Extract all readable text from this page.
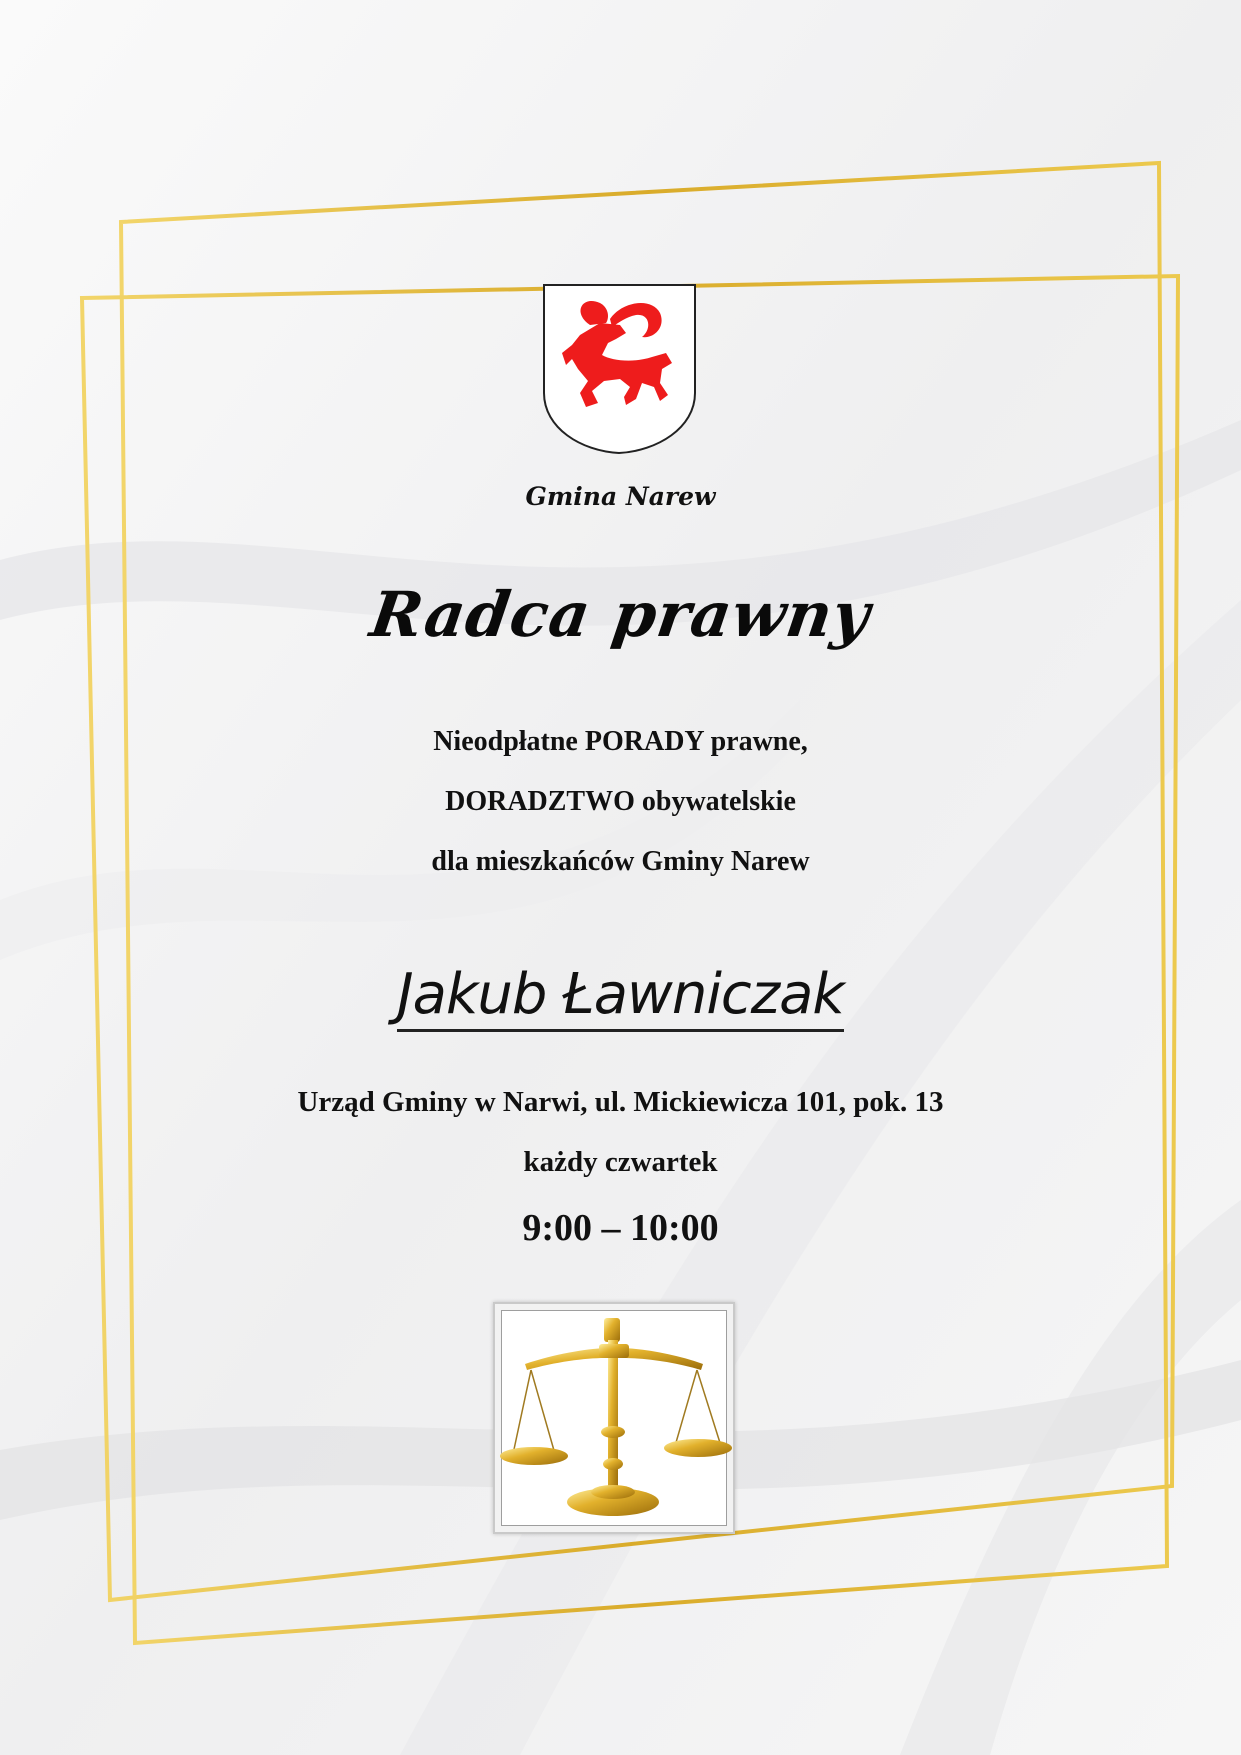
Gmina Narew
Radca prawny
Nieodpłatne PORADY prawne,
DORADZTWO obywatelskie
dla mieszkańców Gminy Narew
Jakub Ławniczak
Urząd Gminy w Narwi, ul. Mickiewicza 101, pok. 13
każdy czwartek
9:00 – 10:00
